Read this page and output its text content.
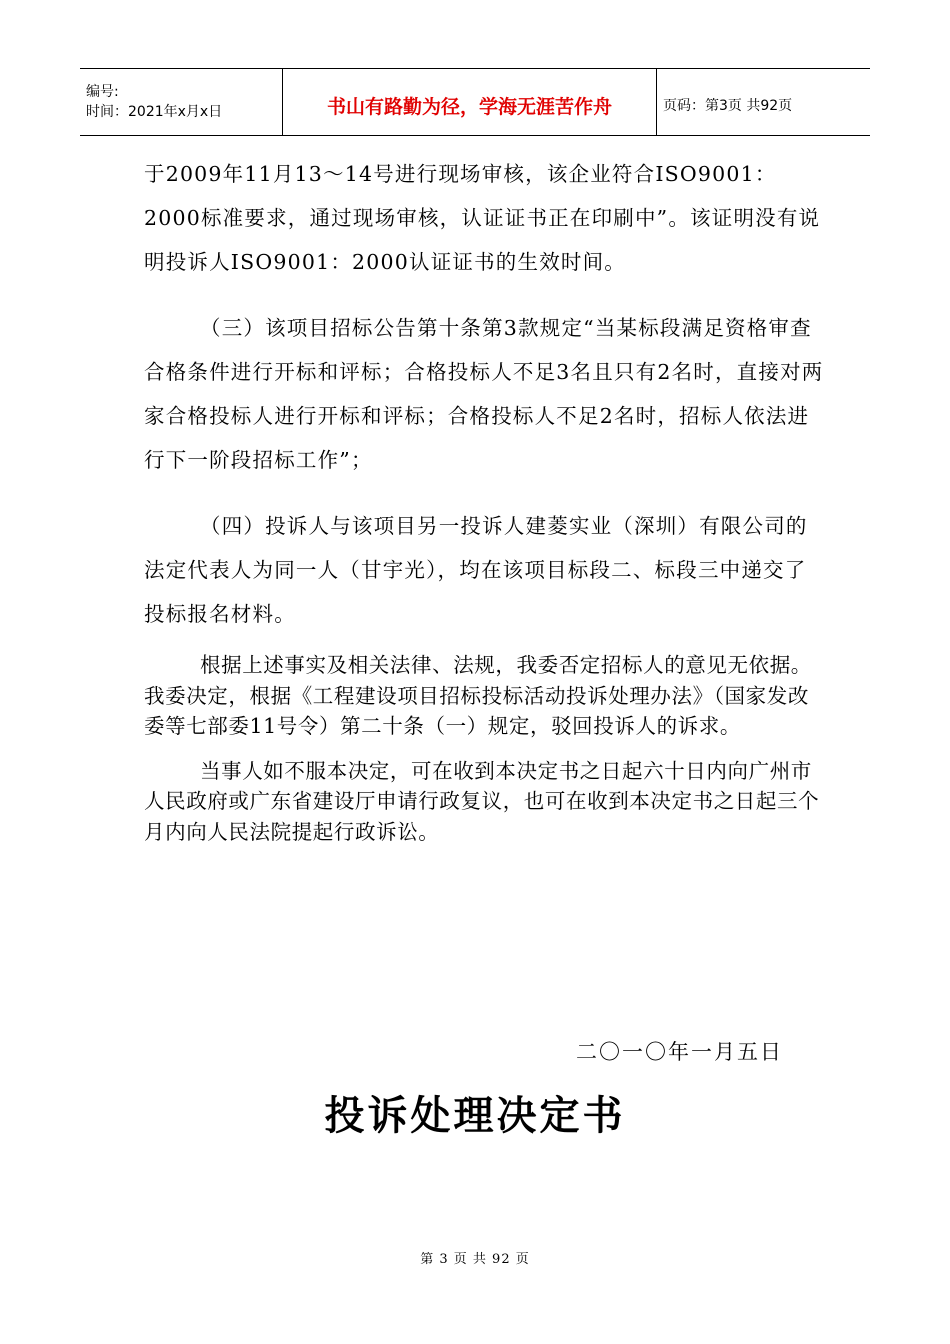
编号:
时间：2021年x月x日	书山有路勤为径，学海无涯苦作舟	页码：第3页 共92页

于2009年11月13～14号进行现场审核，该企业符合ISO9001：2000标准要求，通过现场审核，认证证书正在印刷中”。该证明没有说明投诉人ISO9001：2000认证证书的生效时间。

（三）该项目招标公告第十条第3款规定“当某标段满足资格审查合格条件进行开标和评标；合格投标人不足3名且只有2名时，直接对两家合格投标人进行开标和评标；合格投标人不足2名时，招标人依法进行下一阶段招标工作”；

（四）投诉人与该项目另一投诉人建菱实业（深圳）有限公司的法定代表人为同一人（甘宇光），均在该项目标段二、标段三中递交了投标报名材料。

根据上述事实及相关法律、法规，我委否定招标人的意见无依据。我委决定，根据《工程建设项目招标投标活动投诉处理办法》（国家发改委等七部委11号令）第二十条（一）规定，驳回投诉人的诉求。

当事人如不服本决定，可在收到本决定书之日起六十日内向广州市人民政府或广东省建设厅申请行政复议，也可在收到本决定书之日起三个月内向人民法院提起行政诉讼。

二〇一〇年一月五日
投诉处理决定书
第 3 页 共 92 页
